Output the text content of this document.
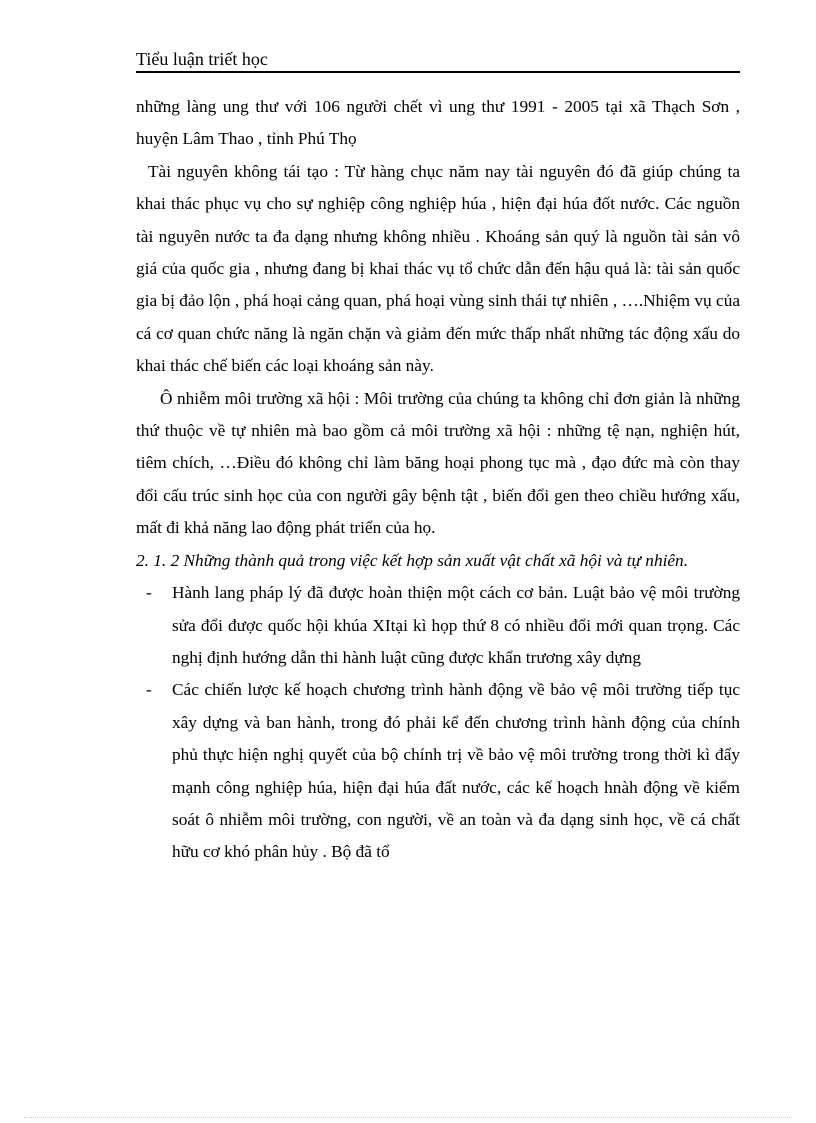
Tiểu luận triết học

những làng ung thư với 106 người chết vì ung thư 1991 - 2005 tại xã Thạch Sơn , huyện Lâm Thao , tỉnh Phú Thọ

Tài nguyên không tái tạo : Từ hàng chục năm nay tài nguyên đó đã giúp chúng ta khai thác phục vụ cho sự nghiệp công nghiệp húa , hiện đại húa đốt nước. Các nguồn tài nguyên nước ta đa dạng nhưng không nhiều . Khoáng sản quý là nguồn tài sản vô giá của quốc gia , nhưng đang bị khai thác vụ tổ chức dẫn đến hậu quả là: tài sản quốc gia bị đảo lộn , phá hoại cảng quan, phá hoại vùng sinh thái tự nhiên , ….Nhiệm vụ của cá cơ quan chức năng là ngăn chặn và giảm đến mức thấp nhất những tác động xấu do khai thác chế biến các loại khoáng sản này.

Ô nhiễm môi trường xã hội : Môi trường của chúng ta không chỉ đơn giản là những thứ thuộc về tự nhiên mà bao gồm cả môi trường xã hội : những tệ nạn, nghiện hút, tiêm chích, …Điều đó không chỉ làm băng hoại phong tục mà , đạo đức mà còn thay đổi cấu trúc sinh học của con người gây bệnh tật , biến đổi gen theo chiều hướng xấu, mất đi khả năng lao động phát triển của họ.

2. 1. 2 Những thành quả trong việc kết hợp sản xuất vật chất xã hội và tự nhiên.

- Hành lang pháp lý đã được hoàn thiện một cách cơ bản. Luật bảo vệ môi trường sửa đổi được quốc hội khúa XItại kì họp thứ 8 có nhiều đổi mới quan trọng. Các nghị định hướng dẫn thi hành luật cũng được khẩn trương xây dựng
- Các chiến lược kế hoạch chương trình hành động về bảo vệ môi trường tiếp tục xây dựng và ban hành, trong đó phải kể đến chương trình hành động của chính phủ thực hiện nghị quyết của bộ chính trị về bảo vệ môi trường trong thời kì đẩy mạnh công nghiệp húa, hiện đại húa đất nước, các kế hoạch hnàh động về kiểm soát ô nhiễm môi trường, con người, về an toàn và đa dạng sinh học, về cá chất hữu cơ khó phân hủy . Bộ đã tổ
